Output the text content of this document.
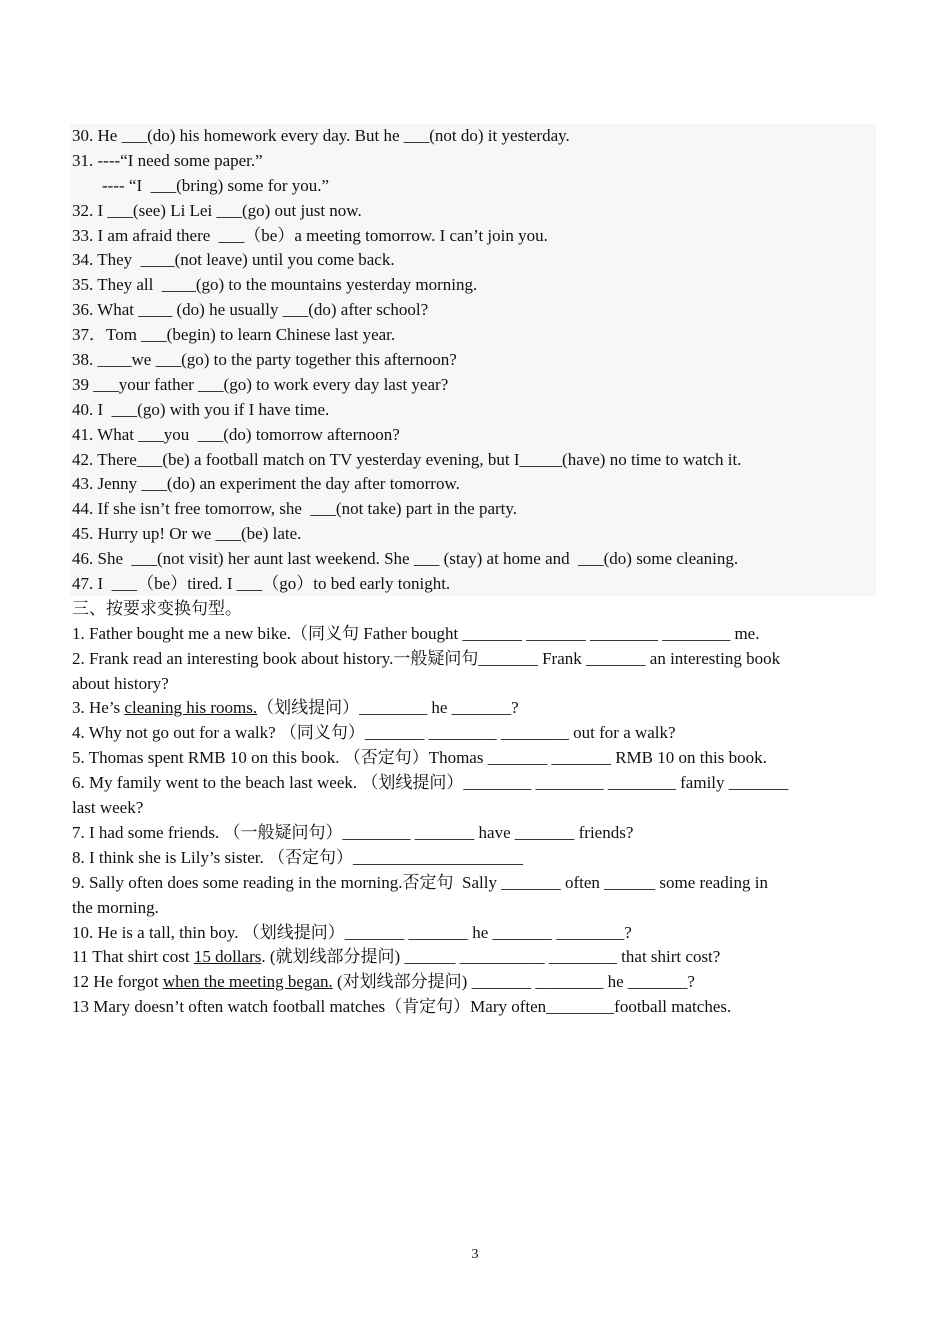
30. He ___(do) his homework every day. But he ___(not do) it yesterday.
31. ----“I need some paper.”
---- “I  ___(bring) some for you.”
32. I ___(see) Li Lei ___(go) out just now.
33. I am afraid there  ___（be）a meeting tomorrow. I can’t join you.
34. They  ____(not leave) until you come back.
35. They all  ____(go) to the mountains yesterday morning.
36. What ____ (do) he usually ___(do) after school?
37．Tom ___(begin) to learn Chinese last year.
38. ____we ___(go) to the party together this afternoon?
39 ___your father ___(go) to work every day last year?
40. I  ___(go) with you if I have time.
41. What ___you  ___(do) tomorrow afternoon?
42. There___(be) a football match on TV yesterday evening, but I_____(have) no time to watch it.
43. Jenny ___(do) an experiment the day after tomorrow.
44. If she isn’t free tomorrow, she  ___(not take) part in the party.
45. Hurry up! Or we ___(be) late.
46. She  ___(not visit) her aunt last weekend. She ___ (stay) at home and  ___(do) some cleaning.
47. I  ___（be）tired. I ___（go）to bed early tonight.
三、按要求变换句型。
1. Father bought me a new bike.（同义句 Father bought _______ _______ ________ ________ me.
2. Frank read an interesting book about history.一般疑问句_______ Frank _______ an interesting book
about history?
3. He’s cleaning his rooms.（划线提问）________ he _______?
4. Why not go out for a walk? （同义句）_______ ________ ________ out for a walk?
5. Thomas spent RMB 10 on this book. （否定句）Thomas _______ _______ RMB 10 on this book.
6. My family went to the beach last week. （划线提问）________ ________ ________ family _______
last week?
7. I had some friends. （一般疑问句）________ _______ have _______ friends?
8. I think she is Lily’s sister. （否定句）____________________
9. Sally often does some reading in the morning.否定句  Sally _______ often ______ some reading in
the morning.
10. He is a tall, thin boy. （划线提问）_______ _______ he _______ ________?
11 That shirt cost 15 dollars. (就划线部分提问) ______ __________ ________ that shirt cost?
12 He forgot when the meeting began. (对划线部分提问) _______ ________ he _______?
13 Mary doesn’t often watch football matches（肯定句）Mary often________football matches.
3
